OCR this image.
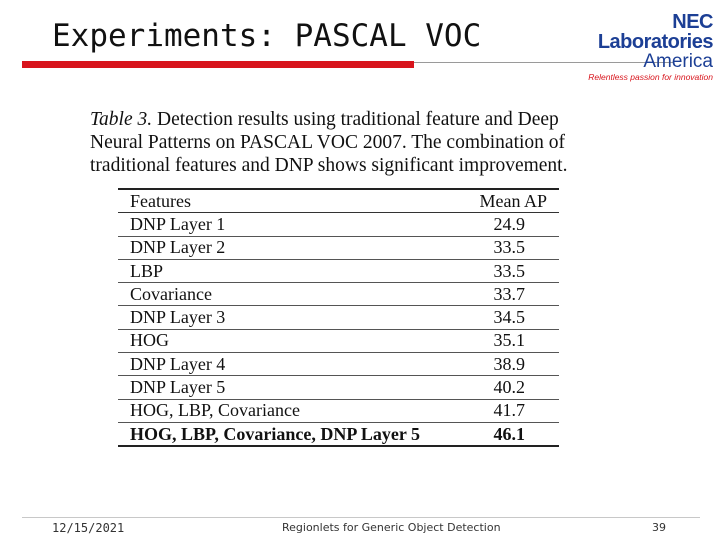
Experiments: PASCAL VOC	NEC Laboratories
America
Relentless passion for innovation
Table 3. Detection results using traditional feature and Deep Neural Patterns on PASCAL VOC 2007. The combination of traditional features and DNP shows significant improvement.
Features	Mean AP
DNP Layer 1	24.9
DNP Layer 2	33.5
LBP	33.5
Covariance	33.7
DNP Layer 3	34.5
HOG	35.1
DNP Layer 4	38.9
DNP Layer 5	40.2
HOG, LBP, Covariance	41.7
HOG, LBP, Covariance, DNP Layer 5	46.1
12/15/2021	Regionlets for Generic Object Detection	39
